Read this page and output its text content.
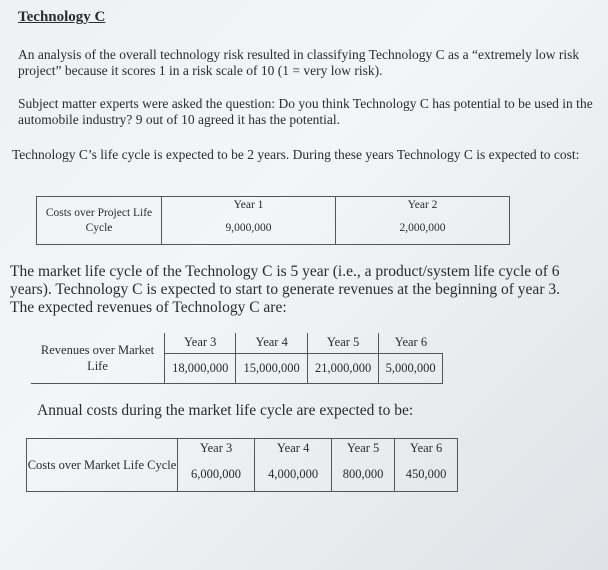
Technology C
An analysis of the overall technology risk resulted in classifying Technology C as a “extremely low risk project” because it scores 1 in a risk scale of 10 (1 = very low risk).
Subject matter experts were asked the question: Do you think Technology C has potential to be used in the automobile industry? 9 out of 10 agreed it has the potential.
Technology C’s life cycle is expected to be 2 years. During these years Technology C is expected to cost:
Costs over Project Life Cycle	Year 1	Year 2
	9,000,000	2,000,000
The market life cycle of the Technology C is 5 year (i.e., a product/system life cycle of 6 years). Technology C is expected to start to generate revenues at the beginning of year 3. The expected revenues of Technology C are:
Revenues over Market Life	Year 3	Year 4	Year 5	Year 6
	18,000,000	15,000,000	21,000,000	5,000,000
Annual costs during the market life cycle are expected to be:
Costs over Market Life Cycle	Year 3	Year 4	Year 5	Year 6
	6,000,000	4,000,000	800,000	450,000
